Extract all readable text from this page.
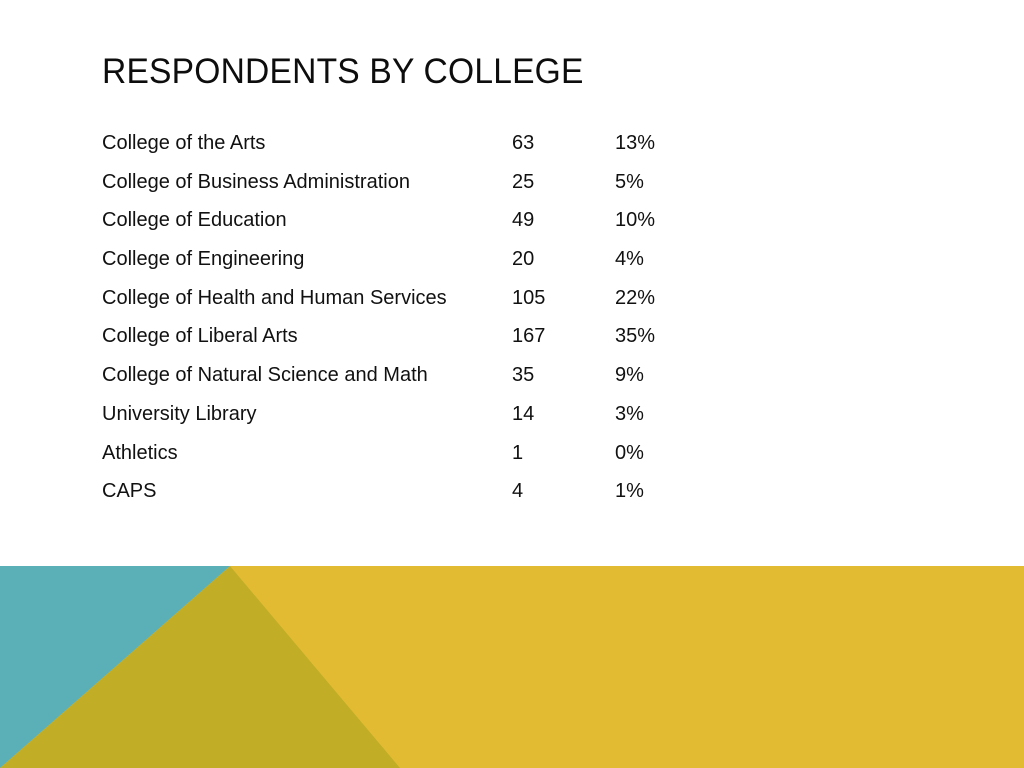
RESPONDENTS BY COLLEGE
College of the Arts	63	13%
College of Business Administration	25	5%
College of Education	49	10%
College of Engineering	20	4%
College of Health and Human Services	105	22%
College of Liberal Arts	167	35%
College of Natural Science and Math	35	9%
University Library	14	3%
Athletics	1	0%
CAPS	4	1%
